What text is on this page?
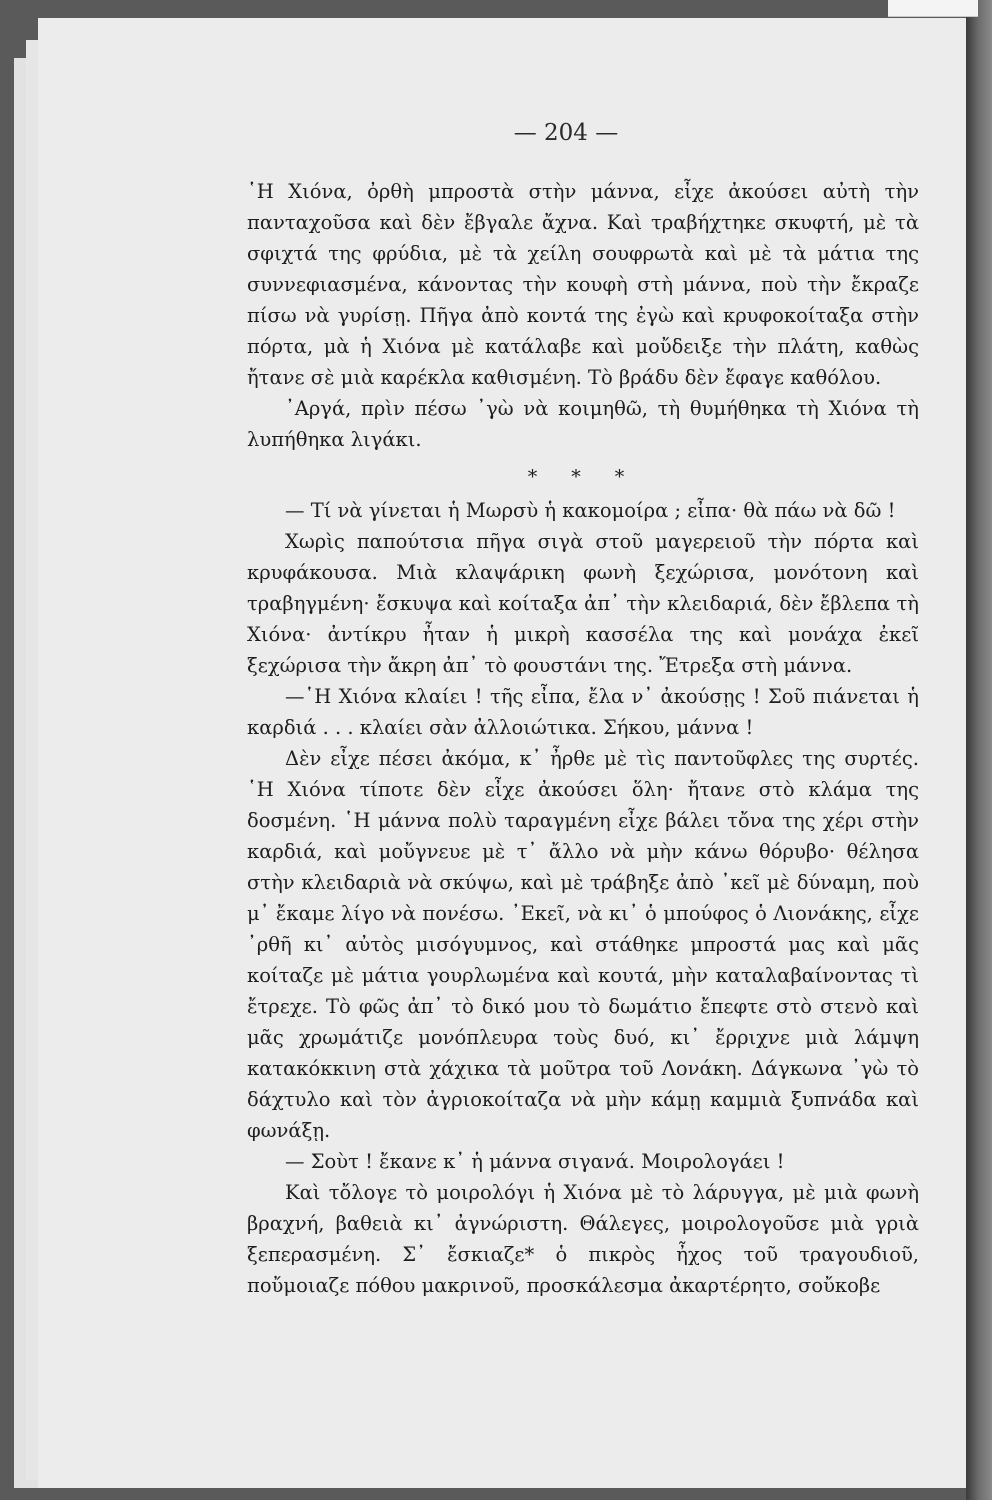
— 204 —

῾Η Χιόνα, ὀρθὴ μπροστὰ στὴν μάννα, εἶχε ἀκούσει αὐτὴ τὴν πανταχοῦσα καὶ δὲν ἔβγαλε ἄχνα. Καὶ τραβήχτηκε σκυφτή, μὲ τὰ σφιχτά της φρύδια, μὲ τὰ χείλη σουφρωτὰ καὶ μὲ τὰ μάτια της συννεφιασμένα, κάνοντας τὴν κουφὴ στὴ μάννα, ποὺ τὴν ἔκραζε πίσω νὰ γυρίσῃ. Πῆγα ἀπὸ κοντά της ἐγὼ καὶ κρυφοκοίταξα στὴν πόρτα, μὰ ἡ Χιόνα μὲ κατάλαβε καὶ μοὔδειξε τὴν πλάτη, καθὼς ἤτανε σὲ μιὰ καρέκλα καθισμένη. Τὸ βράδυ δὲν ἔφαγε καθόλου.

᾿Αργά, πρὶν πέσω ᾿γὼ νὰ κοιμηθῶ, τὴ θυμήθηκα τὴ Χιόνα τὴ λυπήθηκα λιγάκι.

* * *

— Τί νὰ γίνεται ἡ Μωρσὺ ἡ κακομοίρα ; εἶπα· θὰ πάω νὰ δῶ !

Χωρὶς παπούτσια πῆγα σιγὰ στοῦ μαγερειοῦ τὴν πόρτα καὶ κρυφάκουσα. Μιὰ κλαψάρικη φωνὴ ξεχώρισα, μονότονη καὶ τραβηγμένη· ἔσκυψα καὶ κοίταξα ἀπ᾿ τὴν κλειδαριά, δὲν ἔβλεπα τὴ Χιόνα· ἀντίκρυ ἦταν ἡ μικρὴ κασσέλα της καὶ μονάχα ἐκεῖ ξεχώρισα τὴν ἄκρη ἀπ᾿ τὸ φουστάνι της. Ἔτρεξα στὴ μάννα.

—῾Η Χιόνα κλαίει ! τῆς εἶπα, ἔλα ν᾿ ἀκούσῃς ! Σοῦ πιάνεται ἡ καρδιά . . . κλαίει σὰν ἀλλοιώτικα. Σήκου, μάννα !

Δὲν εἶχε πέσει ἀκόμα, κ᾿ ἦρθε μὲ τὶς παντοῦφλες της συρτές. ῾Η Χιόνα τίποτε δὲν εἶχε ἀκούσει ὅλη· ἤτανε στὸ κλάμα της δοσμένη. ῾Η μάννα πολὺ ταραγμένη εἶχε βάλει τὄνα της χέρι στὴν καρδιά, καὶ μοὔγνευε μὲ τ᾿ ἄλλο νὰ μὴν κάνω θόρυβο· θέλησα στὴν κλειδαριὰ νὰ σκύψω, καὶ μὲ τράβηξε ἀπὸ ᾿κεῖ μὲ δύναμη, ποὺ μ᾿ ἔκαμε λίγο νὰ πονέσω. ᾿Εκεῖ, νὰ κι᾿ ὁ μπούφος ὁ Λιονάκης, εἶχε ᾿ρθῆ κι᾿ αὐτὸς μισόγυμνος, καὶ στάθηκε μπροστά μας καὶ μᾶς κοίταζε μὲ μάτια γουρλωμένα καὶ κουτά, μὴν καταλαβαίνοντας τὶ ἔτρεχε. Τὸ φῶς ἀπ᾿ τὸ δικό μου τὸ δωμάτιο ἔπεφτε στὸ στενὸ καὶ μᾶς χρωμάτιζε μονόπλευρα τοὺς δυό, κι᾿ ἔρριχνε μιὰ λάμψη κατακόκκινη στὰ χάχικα τὰ μοῦτρα τοῦ Λονάκη. Δάγκωνα ᾿γὼ τὸ δάχτυλο καὶ τὸν ἀγριοκοίταζα νὰ μὴν κάμῃ καμμιὰ ξυπνάδα καὶ φωνάξῃ.

— Σοὺτ ! ἔκανε κ᾿ ἡ μάννα σιγανά. Μοιρολογάει !

Καὶ τὄλογε τὸ μοιρολόγι ἡ Χιόνα μὲ τὸ λάρυγγα, μὲ μιὰ φωνὴ βραχνή, βαθειὰ κι᾿ ἀγνώριστη. Θάλεγες, μοιρολογοῦσε μιὰ γριὰ ξεπερασμένη. Σ᾿ ἔσκιαζε* ὁ πικρὸς ἦχος τοῦ τραγουδιοῦ, ποὔμοιαζε πόθου μακρινοῦ, προσκάλεσμα ἀκαρτέρητο, σοὔκοβε
